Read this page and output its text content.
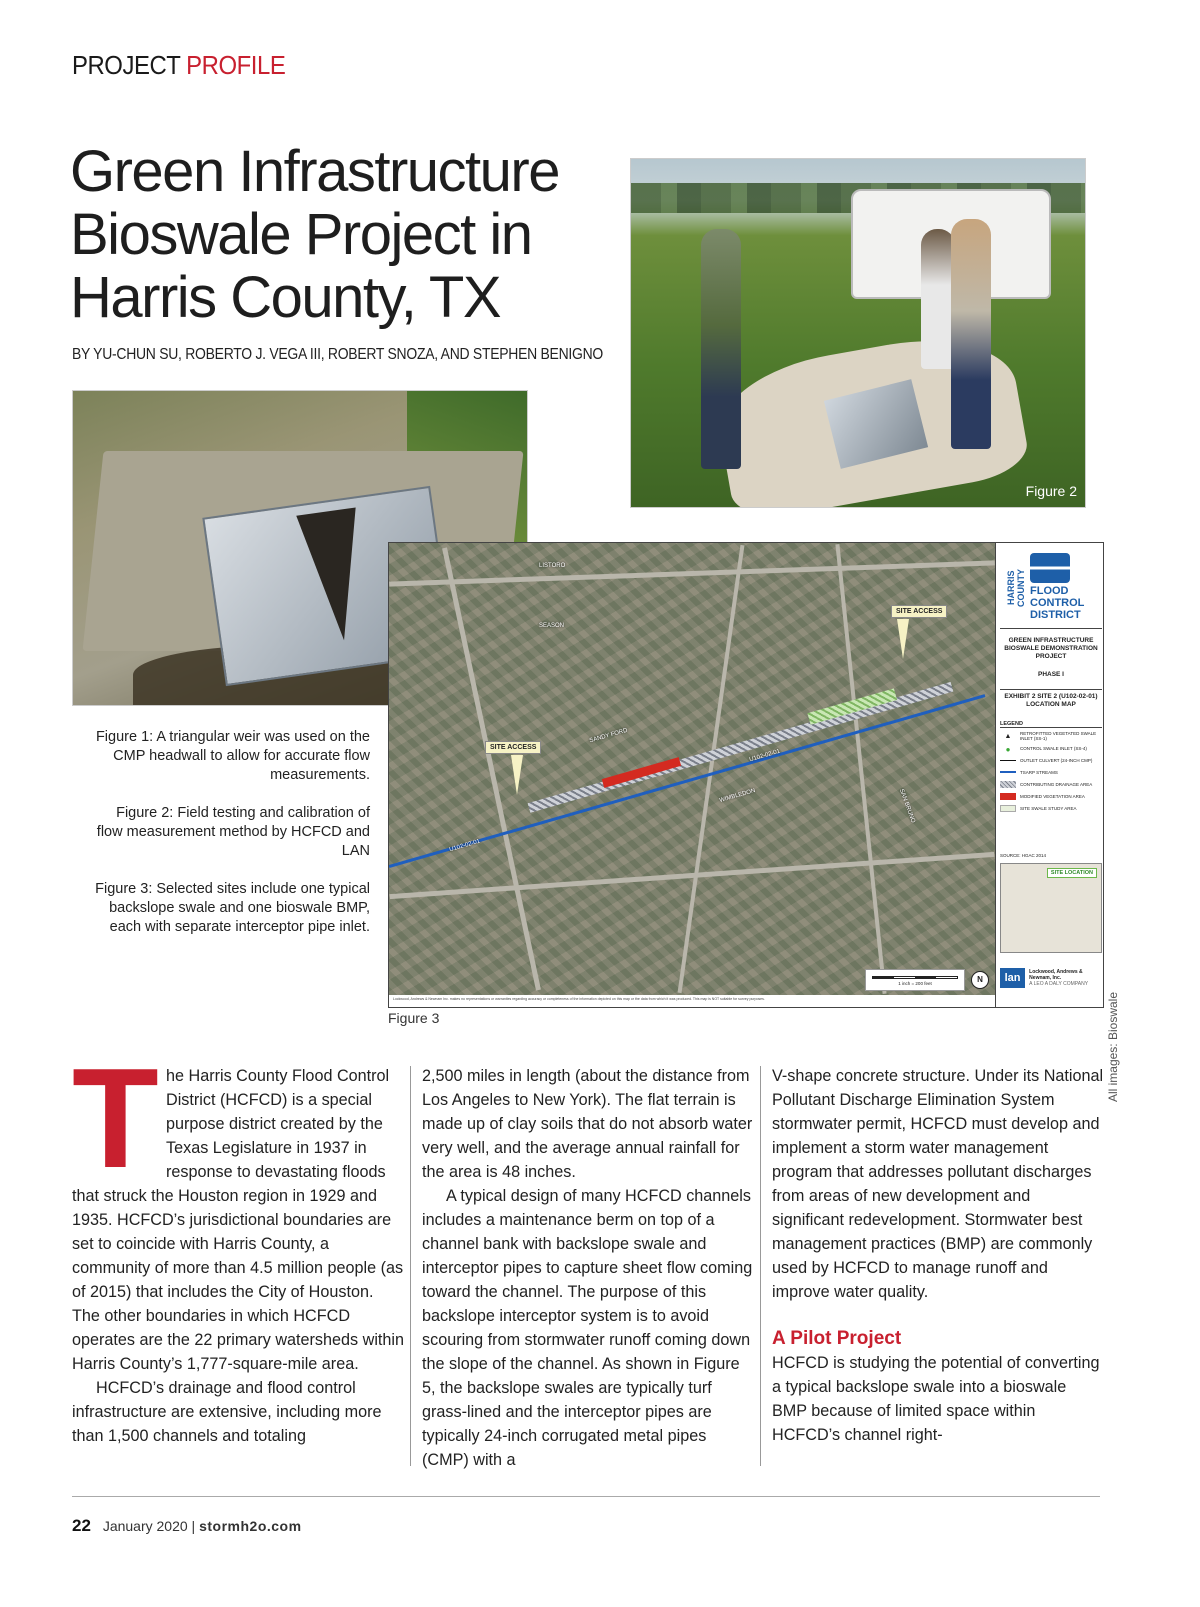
PROJECT PROFILE
Green Infrastructure
Bioswale Project in
Harris County, TX
BY YU-CHUN SU, ROBERTO J. VEGA III, ROBERT SNOZA, AND STEPHEN BENIGNO
Figure 2
LISTORO
SEASON
SANDY FORD
WIMBLEDON	SAN BRUNO
U102-02-01
U102-02-01
SITE ACCESS
SITE ACCESS
1 inch = 200 feet	N
Lockwood, Andrews & Newnam Inc. makes no representations or warranties regarding accuracy or completeness of the information depicted on this map or the data from which it was produced. This map is NOT suitable for survey purposes.
HARRIS COUNTY FLOOD
CONTROL
DISTRICT
GREEN INFRASTRUCTURE BIOSWALE DEMONSTRATION PROJECT
PHASE I
EXHIBIT 2 SITE 2 (U102-02-01) LOCATION MAP
LEGEND
▲	RETROFITTED VEGETATED SWALE INLET (SS-1)
●	CONTROL SWALE INLET (SS-4)
OUTLET CULVERT (24-INCH CMP)
TSARP STREAMS
CONTRIBUTING DRAINAGE AREA
MODIFIED VEGETATION AREA
SITE SWALE STUDY AREA
SOURCE: HGAC 2014
SITE LOCATION
lan	Lockwood, Andrews & Newnam, Inc.
A LEO A DALY COMPANY
All images: Bioswale
Figure 3

Figure 1: A triangular weir was used on the CMP headwall to allow for accurate flow measurements.

Figure 2: Field testing and calibration of flow measurement method by HCFCD and LAN

Figure 3: Selected sites include one typical backslope swale and one bioswale BMP, each with separate interceptor pipe inlet.

The Harris County Flood Control District (HCFCD) is a special purpose district created by the Texas Legislature in 1937 in response to devastating floods that struck the Houston region in 1929 and 1935. HCFCD’s jurisdictional boundaries are set to coincide with Harris County, a community of more than 4.5 million people (as of 2015) that includes the City of Houston. The other boundaries in which HCFCD operates are the 22 primary watersheds within Harris County’s 1,777-square-mile area.

HCFCD’s drainage and flood control infrastructure are extensive, including more than 1,500 channels and totaling

2,500 miles in length (about the distance from Los Angeles to New York). The flat terrain is made up of clay soils that do not absorb water very well, and the average annual rainfall for the area is 48 inches.

A typical design of many HCFCD channels includes a maintenance berm on top of a channel bank with backslope swale and interceptor pipes to capture sheet flow coming toward the channel. The purpose of this backslope interceptor system is to avoid scouring from stormwater runoff coming down the slope of the channel. As shown in Figure 5, the backslope swales are typically turf grass-lined and the interceptor pipes are typically 24-inch corrugated metal pipes (CMP) with a

V-shape concrete structure. Under its National Pollutant Discharge Elimination System stormwater permit, HCFCD must develop and implement a storm water management program that addresses pollutant discharges from areas of new development and significant redevelopment. Stormwater best management practices (BMP) are commonly used by HCFCD to manage runoff and improve water quality.

A Pilot Project

HCFCD is studying the potential of converting a typical backslope swale into a bioswale BMP because of limited space within HCFCD’s channel right-

22 January 2020 | stormh2o.com
